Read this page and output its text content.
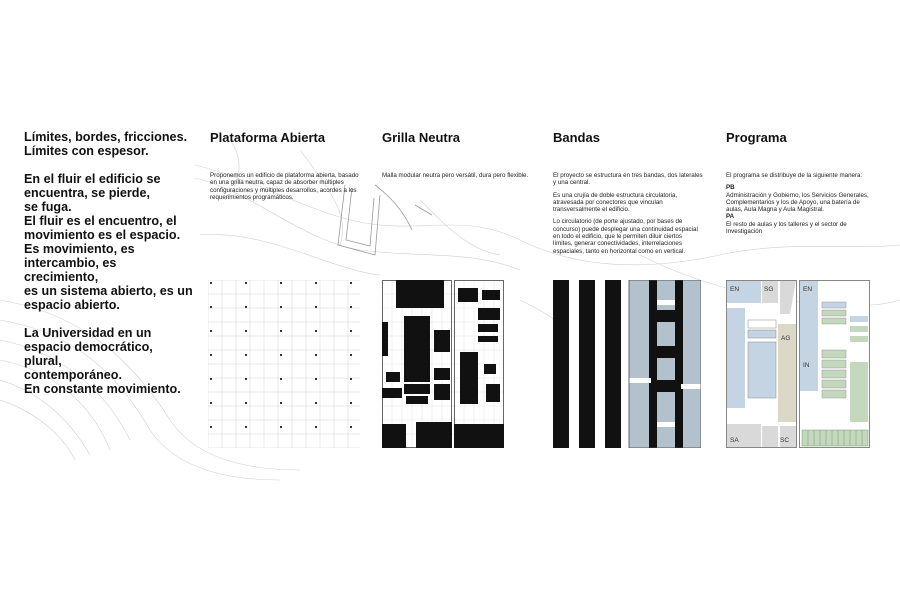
Límites, bordes, fricciones.
Límites con espesor.

En el fluir el edificio se
encuentra, se pierde,
se fuga.
El fluir es el encuentro, el
movimiento es el espacio.
Es movimiento, es
intercambio, es crecimiento,
es un sistema abierto, es un
espacio abierto.

La Universidad en un
espacio democrático, plural,
contemporáneo.
En constante movimiento.

Plataforma Abierta

Proponemos un edificio de plataforma abierta, basado en una grilla neutra, capaz de absorber múltiples configuraciones y múltiples desarrollos, acordes a los requerimientos programáticos.

Grilla Neutra

Malla modular neutra pero versátil, dura pero flexible.

Bandas

El proyecto se estructura en tres bandas, dos laterales y una central.

Es una crujía de doble estructura circulatoria, atravesada por conectores que vinculan transversalmente el edificio.

Lo circulatorio (de porte ajustado, por bases de concurso) puede desplegar una continuidad espacial en todo el edificio, que le permiten diluir ciertos límites, generar conectividades, interrelaciones espaciales, tanto en horizontal como en vertical.

Programa

El programa se distribuye de la siguiente manera:

PB

Administración y Gobierno, los Servicios Generales, Complementarios y los de Apoyo, una batería de aulas, Aula Magna y Aula Magistral.

PA

El resto de aulas y los talleres y el sector de Investigación

EN	SG
AG
SA	SC
EN
IN
